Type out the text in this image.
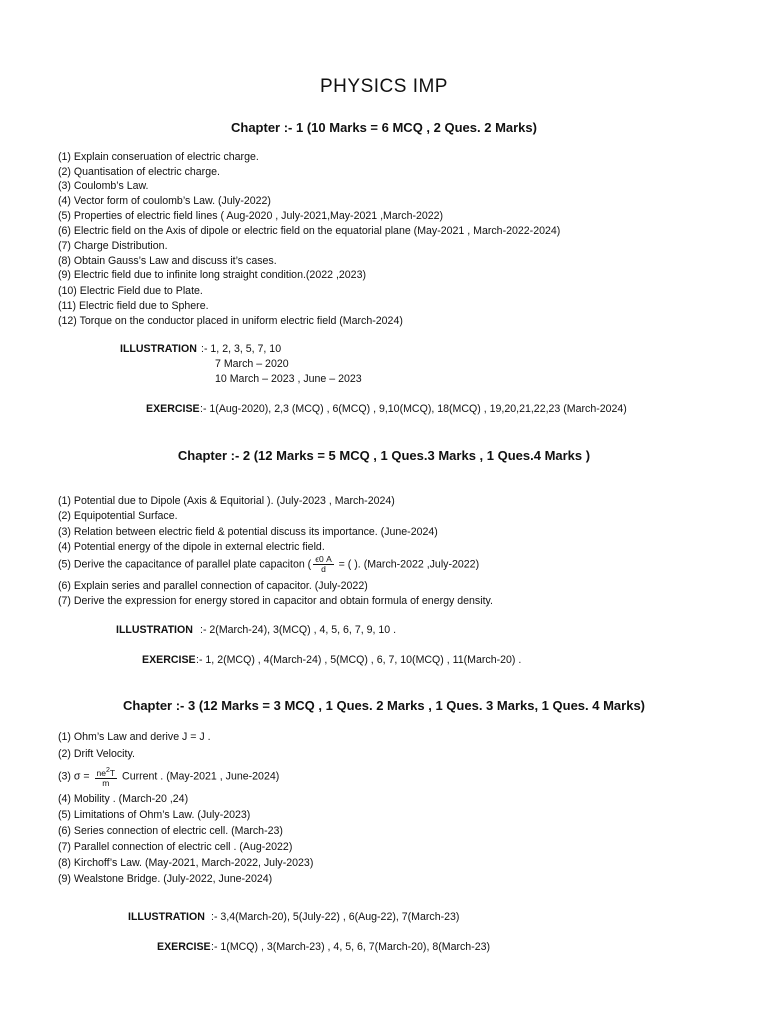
PHYSICS IMP
Chapter :- 1 (10 Marks = 6 MCQ , 2 Ques. 2 Marks)
(1) Explain conseruation of electric charge.
(2) Quantisation of electric charge.
(3) Coulomb’s Law.
(4) Vector form of coulomb’s Law. (July-2022)
(5) Properties of electric field lines ( Aug-2020 , July-2021,May-2021 ,March-2022)
(6) Electric field on the Axis of dipole or electric field on the equatorial plane (May-2021 , March-2022-2024)
(7) Charge Distribution.
(8) Obtain Gauss’s Law and discuss it’s cases.
(9) Electric field due to infinite long straight condition.(2022 ,2023)
(10) Electric Field due to Plate.
(11) Electric field due to Sphere.
(12) Torque on the conductor placed in uniform electric field (March-2024)
ILLUSTRATION :- 1, 2, 3, 5, 7, 10
7 March – 2020
10 March – 2023 , June – 2023
EXERCISE :- 1(Aug-2020), 2,3 (MCQ) , 6(MCQ) , 9,10(MCQ), 18(MCQ) , 19,20,21,22,23 (March-2024)
Chapter :- 2 (12 Marks = 5 MCQ , 1 Ques.3 Marks , 1 Ques.4 Marks )
(1) Potential due to Dipole (Axis & Equitorial ). (July-2023 , March-2024)
(2) Equipotential Surface.
(3) Relation between electric field & potential discuss its importance. (June-2024)
(4) Potential energy of the dipole in external electric field.
(5) Derive the capacitance of parallel plate capaciton ( $\frac{\epsilon 0 A}{d}$ = ( ). (March-2022 ,July-2022)
(6) Explain series and parallel connection of capacitor. (July-2022)
(7) Derive the expression for energy stored in capacitor and obtain formula of energy density.
ILLUSTRATION :- 2(March-24), 3(MCQ) , 4, 5, 6, 7, 9, 10 .
EXERCISE :- 1, 2(MCQ) , 4(March-24) , 5(MCQ) , 6, 7, 10(MCQ) , 11(March-20) .
Chapter :- 3 (12 Marks = 3 MCQ , 1 Ques. 2 Marks , 1 Ques. 3 Marks, 1 Ques. 4 Marks)
(1) Ohm’s Law and derive J = J .
(2) Drift Velocity.
(3) $\sigma = \frac{ne^2T}{m}$ Current . (May-2021 , June-2024)
(4) Mobility . (March-20 ,24)
(5) Limitations of Ohm’s Law. (July-2023)
(6) Series connection of electric cell. (March-23)
(7) Parallel connection of electric cell . (Aug-2022)
(8) Kirchoff’s Law. (May-2021, March-2022, July-2023)
(9) Wealstone Bridge. (July-2022, June-2024)
ILLUSTRATION :- 3,4(March-20), 5(July-22) , 6(Aug-22), 7(March-23)
EXERCISE :- 1(MCQ) , 3(March-23) , 4, 5, 6, 7(March-20), 8(March-23)
